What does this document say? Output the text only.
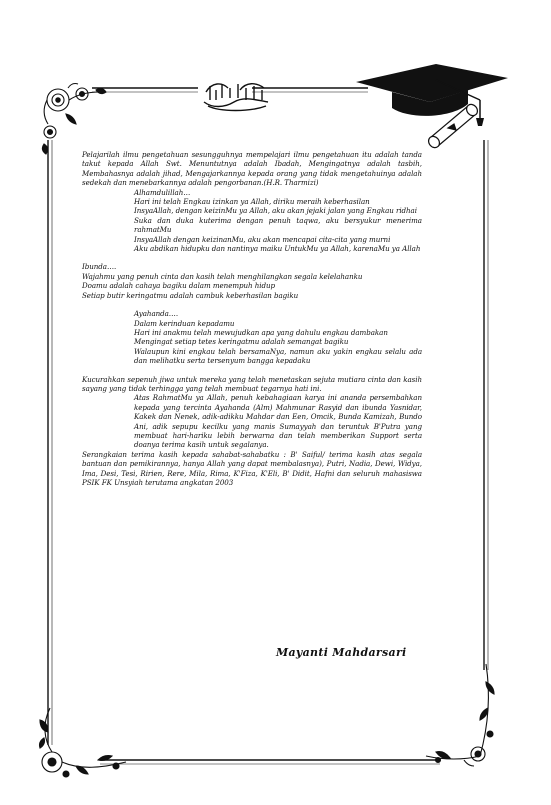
Pelajarilah ilmu pengetahuan sesungguhnya mempelajari ilmu pengetahuan itu adalah tanda takut kepada Allah Swt. Menuntutnya adalah Ibadah, Mengingatnya adalah tasbih, Membahasnya adalah jihad, Mengajarkannya kepada orang yang tidak mengetahuinya adalah sedekah dan menebarkannya adalah pengorbanan.(H.R. Tharmizi)

Alhamdulillah…
Hari ini telah Engkau izinkan ya Allah, diriku meraih keberhasilan
InsyaAllah, dengan keizinMu ya Allah, aku akan jejaki jalan yang Engkau ridhai
Suka dan duka kuterima dengan penuh taqwa, aku bersyukur menerima rahmatMu
InsyaAllah dengan keizinanMu, aku akan mencapai cita-cita yang murni
Aku abdikan hidupku dan nantinya maiku UntukMu ya Allah, karenaMu ya Allah
Ibunda….
Wajahmu yang penuh cinta dan kasih telah menghilangkan segala kelelahanku
Doamu adalah cahaya bagiku dalam menempuh hidup
Setiap butir keringatmu adalah cambuk keberhasilan bagiku
Ayahanda….
Dalam kerinduan kepadamu
Hari ini anakmu telah mewujudkan apa yang dahulu engkau dambakan
Mengingat setiap tetes keringatmu adalah semangat bagiku
Walaupun kini engkau telah bersamaNya, namun aku yakin engkau selalu ada dan melihatku serta tersenyum bangga kepadaku

Kucurahkan sepenuh jiwa untuk mereka yang telah menetaskan sejuta mutiara cinta dan kasih sayang yang tidak terhingga yang telah membuat tegarnya hati ini.

Atas RahmatMu ya Allah, penuh kebahagiaan karya ini ananda persembahkan kepada yang tercinta Ayahanda (Alm) Mahmunar Rasyid dan ibunda Yasnidar, Kakek dan Nenek, adik-adikku Mahdar dan Een, Omcik, Bunda Kamizah, Bundo Ani, adik sepupu kecilku yang manis Sumayyah dan teruntuk B'Putra yang membuat hari-hariku lebih berwarna dan telah memberikan Support serta doanya terima kasih untuk segalanya.

Serangkaian terima kasih kepada sahabat-sahabatku : B' Saiful/ terima kasih atas segala bantuan dan pemikirannya, hanya Allah yang dapat membalasnya), Putri, Nadia, Dewi, Widya, Ima, Desi, Tesi, Ririen, Rere, Mila, Rima, K'Fiza, K'Eli, B' Didit, Hafni dan seluruh mahasiswa PSIK FK Unsyiah terutama angkatan 2003

Mayanti Mahdarsari
